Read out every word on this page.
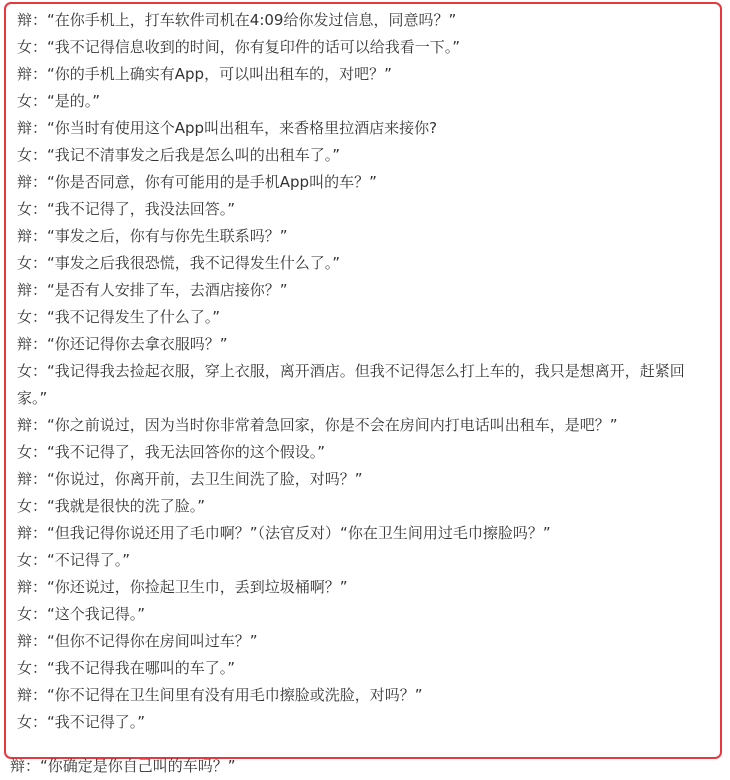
辩：“在你手机上，打车软件司机在4:09给你发过信息，同意吗？”
女：“我不记得信息收到的时间，你有复印件的话可以给我看一下。”
辩：“你的手机上确实有App，可以叫出租车的，对吧？”
女：“是的。”
辩：“你当时有使用这个App叫出租车，来香格里拉酒店来接你?
女：“我记不清事发之后我是怎么叫的出租车了。”
辩：“你是否同意，你有可能用的是手机App叫的车？”
女：“我不记得了，我没法回答。”
辩：“事发之后，你有与你先生联系吗？”
女：“事发之后我很恐慌，我不记得发生什么了。”
辩：“是否有人安排了车，去酒店接你？”
女：“我不记得发生了什么了。”
辩：“你还记得你去拿衣服吗？”
女：“我记得我去捡起衣服，穿上衣服，离开酒店。但我不记得怎么打上车的，我只是想离开，赶紧回家。”
辩：“你之前说过，因为当时你非常着急回家，你是不会在房间内打电话叫出租车，是吧？”
女：“我不记得了，我无法回答你的这个假设。”
辩：“你说过，你离开前，去卫生间洗了脸，对吗？”
女：“我就是很快的洗了脸。”
辩：“但我记得你说还用了毛巾啊？”（法官反对）“你在卫生间用过毛巾擦脸吗？”
女：“不记得了。”
辩：“你还说过，你捡起卫生巾，丢到垃圾桶啊？”
女：“这个我记得。”
辩：“但你不记得你在房间叫过车？”
女：“我不记得我在哪叫的车了。”
辩：“你不记得在卫生间里有没有用毛巾擦脸或洗脸，对吗？”
女：“我不记得了。”
辩：“你确定是你自己叫的车吗？”
